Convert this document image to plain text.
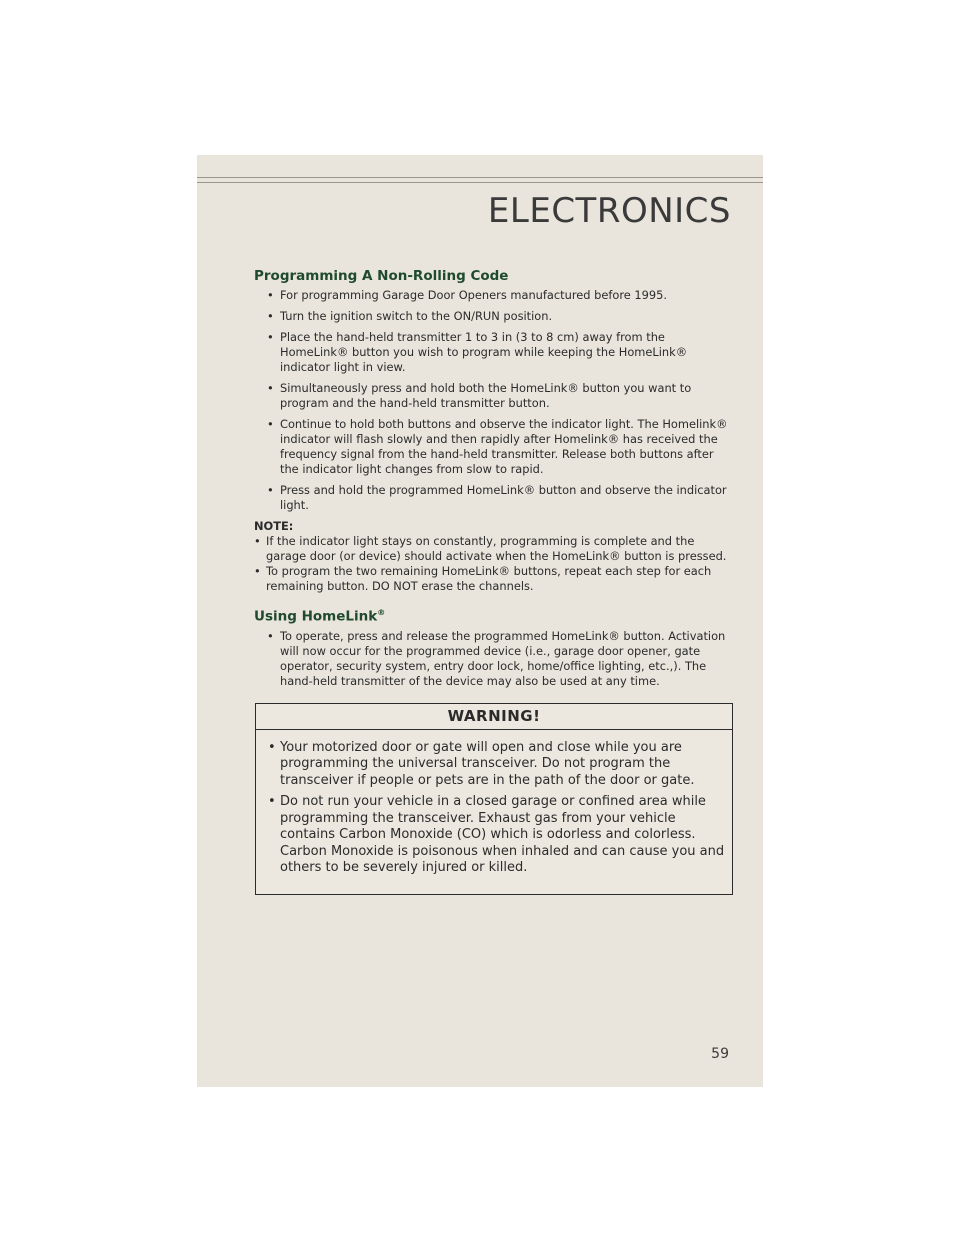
ELECTRONICS
Programming A Non-Rolling Code
• For programming Garage Door Openers manufactured before 1995.
• Turn the ignition switch to the ON/RUN position.
• Place the hand-held transmitter 1 to 3 in (3 to 8 cm) away from the HomeLink® button you wish to program while keeping the HomeLink® indicator light in view.
• Simultaneously press and hold both the HomeLink® button you want to program and the hand-held transmitter button.
• Continue to hold both buttons and observe the indicator light. The Homelink® indicator will flash slowly and then rapidly after Homelink® has received the frequency signal from the hand-held transmitter. Release both buttons after the indicator light changes from slow to rapid.
• Press and hold the programmed HomeLink® button and observe the indicator light.
NOTE:
• If the indicator light stays on constantly, programming is complete and the garage door (or device) should activate when the HomeLink® button is pressed.
• To program the two remaining HomeLink® buttons, repeat each step for each remaining button. DO NOT erase the channels.
Using HomeLink®
• To operate, press and release the programmed HomeLink® button. Activation will now occur for the programmed device (i.e., garage door opener, gate operator, security system, entry door lock, home/office lighting, etc.,). The hand-held transmitter of the device may also be used at any time.
WARNING!
• Your motorized door or gate will open and close while you are programming the universal transceiver. Do not program the transceiver if people or pets are in the path of the door or gate.
• Do not run your vehicle in a closed garage or confined area while programming the transceiver. Exhaust gas from your vehicle contains Carbon Monoxide (CO) which is odorless and colorless. Carbon Monoxide is poisonous when inhaled and can cause you and others to be severely injured or killed.
59
